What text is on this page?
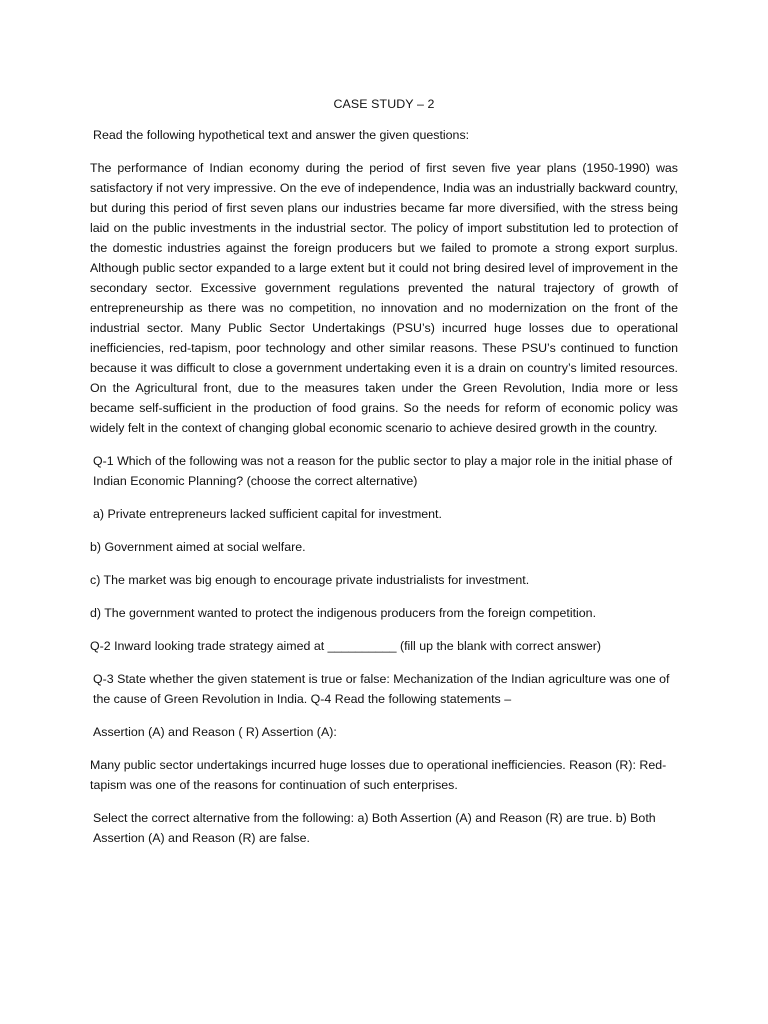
CASE STUDY – 2
Read the following hypothetical text and answer the given questions:
The performance of Indian economy during the period of first seven five year plans (1950-1990) was satisfactory if not very impressive. On the eve of independence, India was an industrially backward country, but during this period of first seven plans our industries became far more diversified, with the stress being laid on the public investments in the industrial sector. The policy of import substitution led to protection of the domestic industries against the foreign producers but we failed to promote a strong export surplus. Although public sector expanded to a large extent but it could not bring desired level of improvement in the secondary sector. Excessive government regulations prevented the natural trajectory of growth of entrepreneurship as there was no competition, no innovation and no modernization on the front of the industrial sector. Many Public Sector Undertakings (PSU’s) incurred huge losses due to operational inefficiencies, red-tapism, poor technology and other similar reasons. These PSU’s continued to function because it was difficult to close a government undertaking even it is a drain on country’s limited resources. On the Agricultural front, due to the measures taken under the Green Revolution, India more or less became self-sufficient in the production of food grains. So the needs for reform of economic policy was widely felt in the context of changing global economic scenario to achieve desired growth in the country.
Q-1 Which of the following was not a reason for the public sector to play a major role in the initial phase of Indian Economic Planning? (choose the correct alternative)
a) Private entrepreneurs lacked sufficient capital for investment.
b) Government aimed at social welfare.
c) The market was big enough to encourage private industrialists for investment.
d) The government wanted to protect the indigenous producers from the foreign competition.
Q-2 Inward looking trade strategy aimed at __________ (fill up the blank with correct answer)
Q-3 State whether the given statement is true or false: Mechanization of the Indian agriculture was one of the cause of Green Revolution in India. Q-4 Read the following statements –
Assertion (A) and Reason ( R) Assertion (A):
Many public sector undertakings incurred huge losses due to operational inefficiencies. Reason (R): Red-tapism was one of the reasons for continuation of such enterprises.
Select the correct alternative from the following: a) Both Assertion (A) and Reason (R) are true. b) Both Assertion (A) and Reason (R) are false.
